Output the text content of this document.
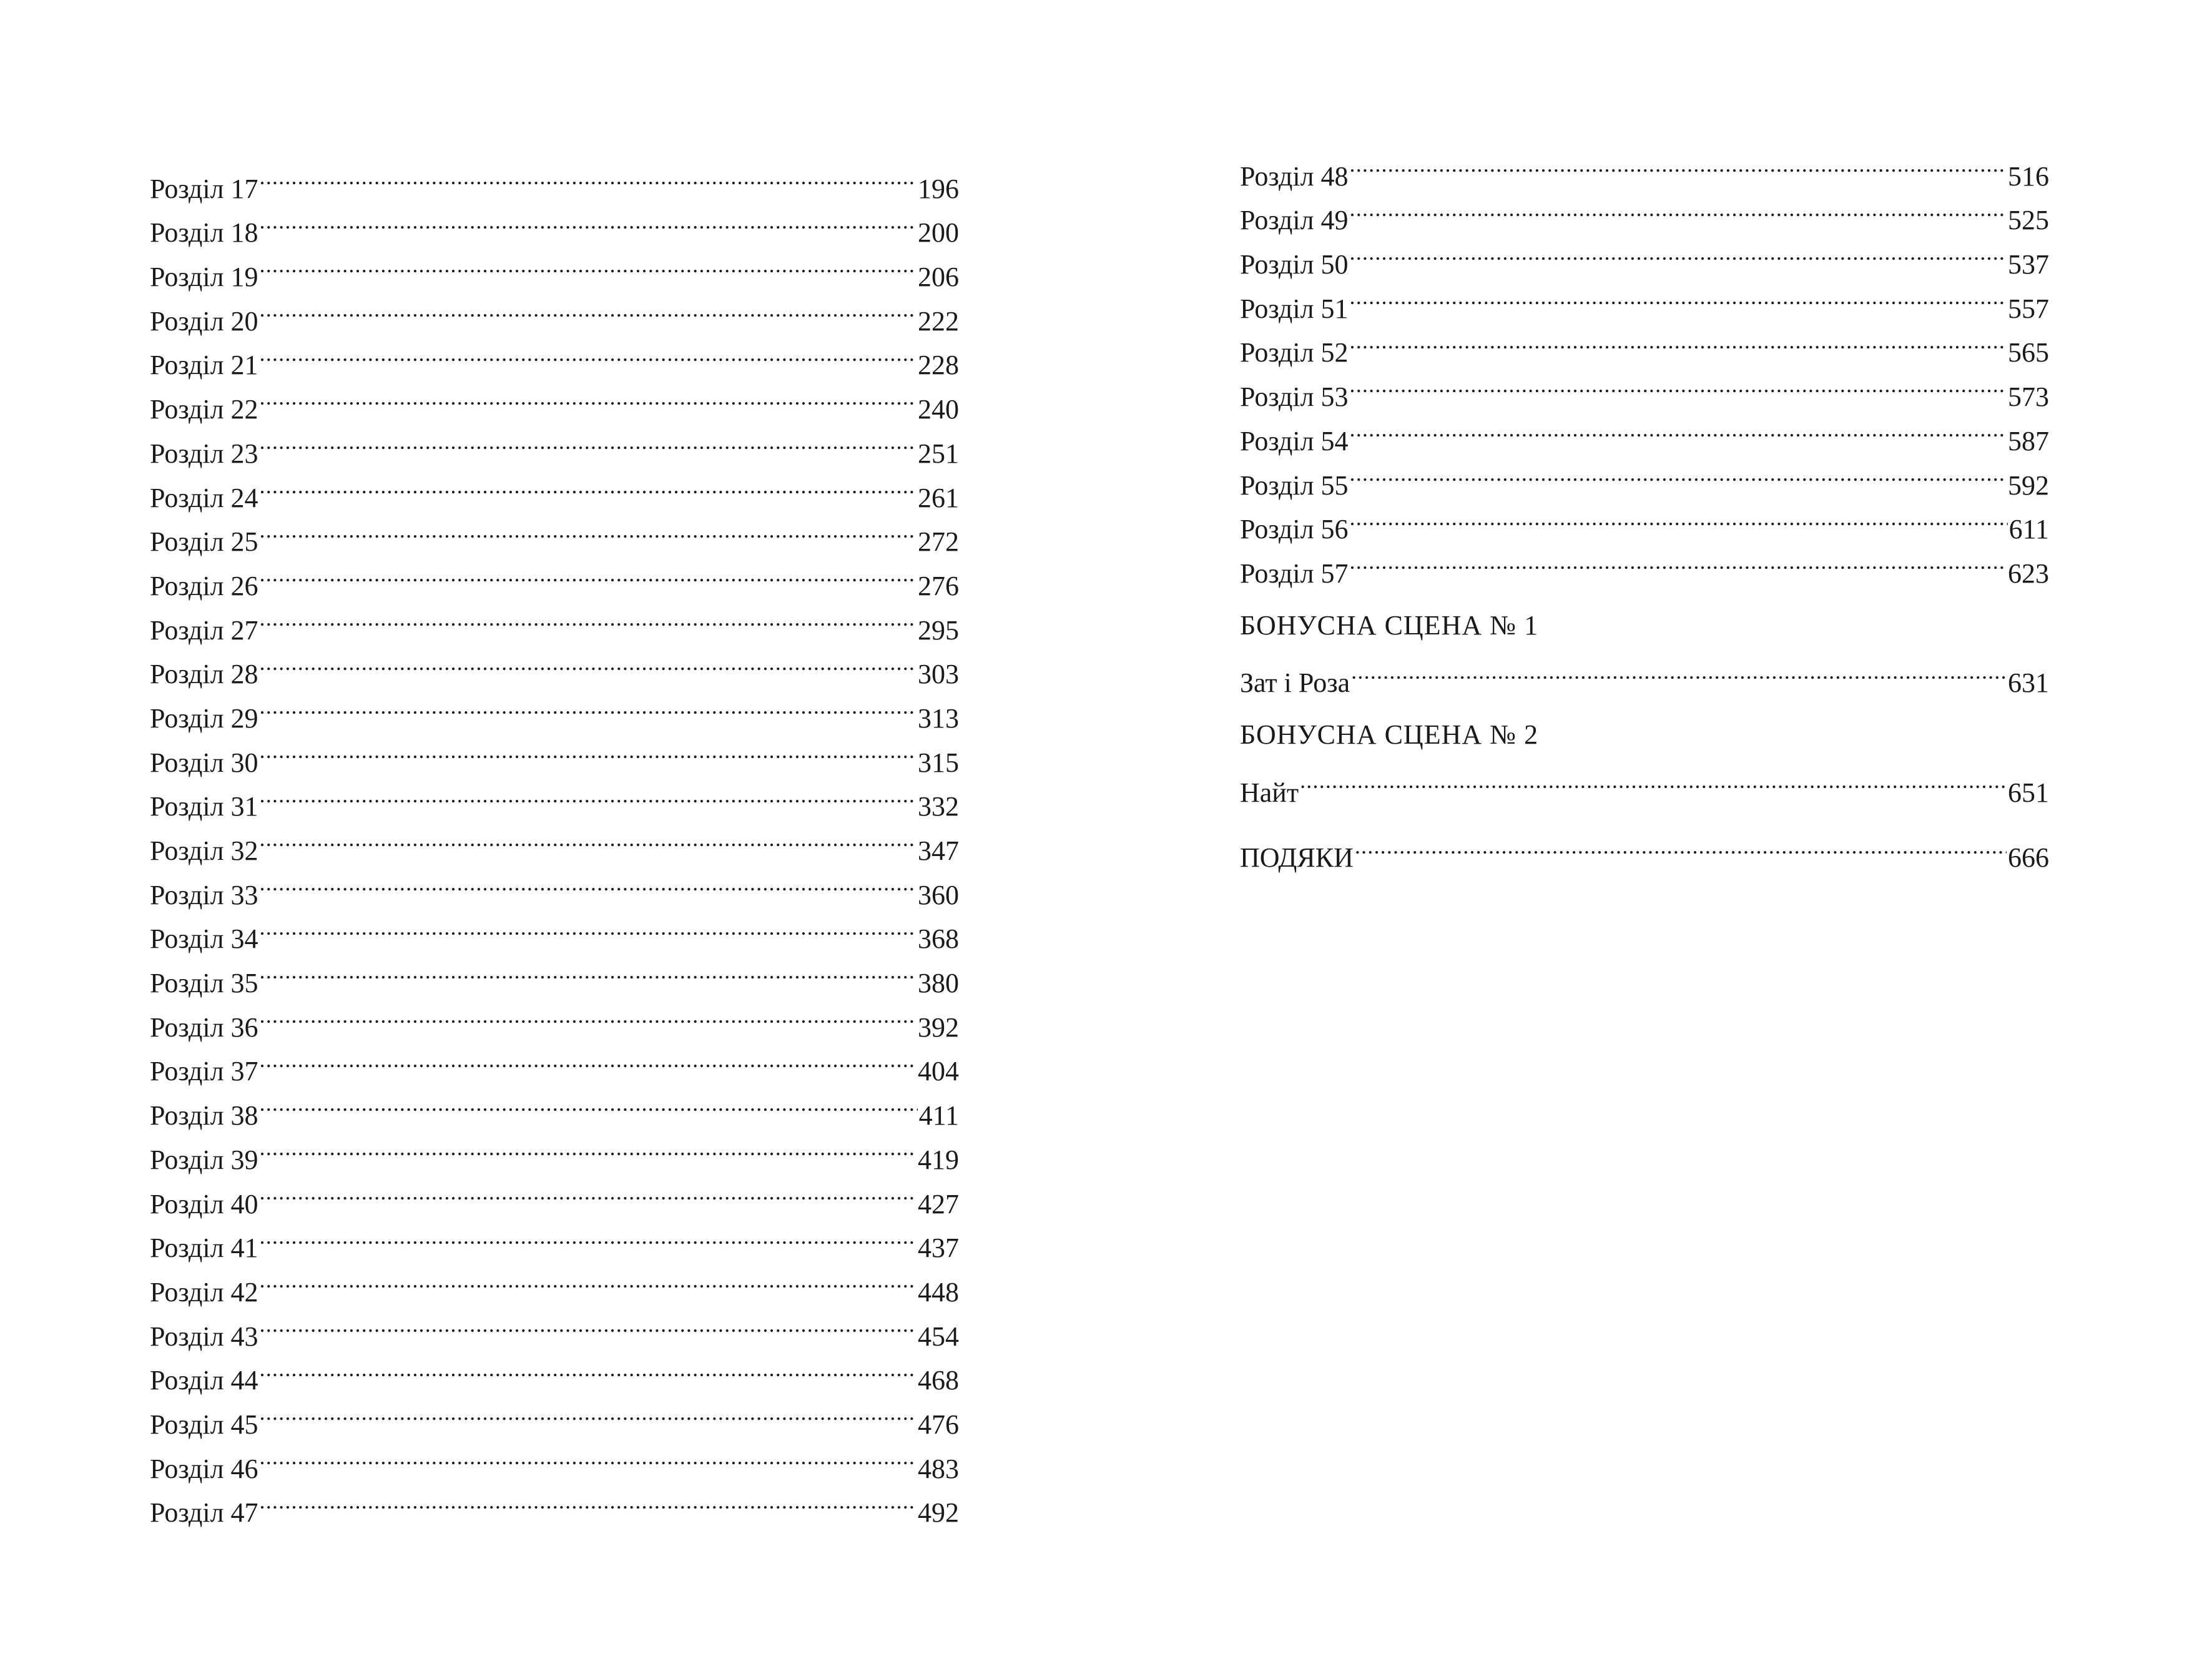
Розділ 17 .....	196
Розділ 18 .....	200
Розділ 19 .....	206
Розділ 20 .....	222
Розділ 21 .....	228
Розділ 22 .....	240
Розділ 23 .....	251
Розділ 24 .....	261
Розділ 25 .....	272
Розділ 26 .....	276
Розділ 27 .....	295
Розділ 28 .....	303
Розділ 29 .....	313
Розділ 30 .....	315
Розділ 31 .....	332
Розділ 32 .....	347
Розділ 33 .....	360
Розділ 34 .....	368
Розділ 35 .....	380
Розділ 36 .....	392
Розділ 37 .....	404
Розділ 38 .....	411
Розділ 39 .....	419
Розділ 40 .....	427
Розділ 41 .....	437
Розділ 42 .....	448
Розділ 43 .....	454
Розділ 44 .....	468
Розділ 45 .....	476
Розділ 46 .....	483
Розділ 47 .....	492
Розділ 48 .....	516
Розділ 49 .....	525
Розділ 50 .....	537
Розділ 51 .....	557
Розділ 52 .....	565
Розділ 53 .....	573
Розділ 54 .....	587
Розділ 55 .....	592
Розділ 56 .....	611
Розділ 57 .....	623
БОНУСНА СЦЕНА № 1
Зат і Роза .....	631
БОНУСНА СЦЕНА № 2
Найт .....	651
ПОДЯКИ .....	666
